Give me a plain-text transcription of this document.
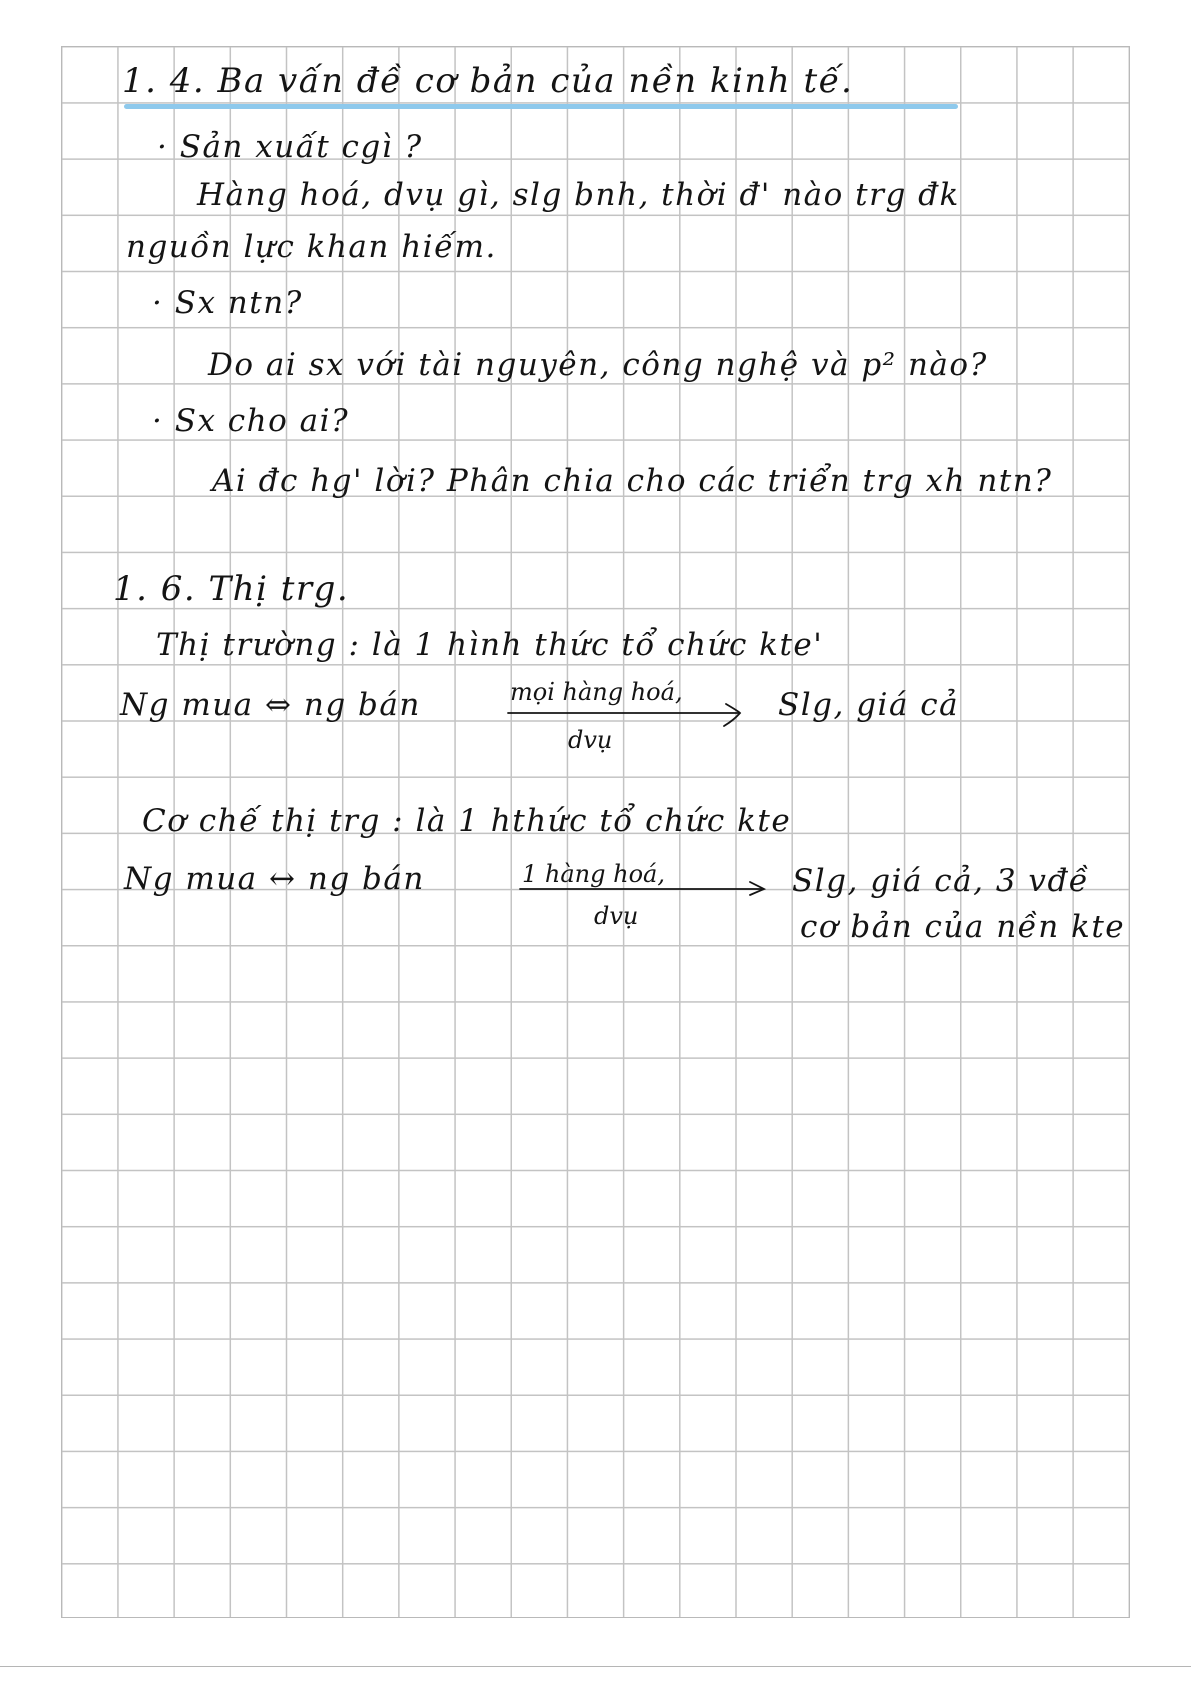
1. 4. Ba vấn đề cơ bản của nền kinh tế.
· Sản xuất cgì ?
Hàng hoá, dvụ gì, slg bnh, thời đ' nào trg đk
nguồn lực khan hiếm.
· Sx ntn?
Do ai sx với tài nguyên, công nghệ và p² nào?
· Sx cho ai?
Ai đc hg' lời? Phân chia cho các triển trg xh ntn?
1. 6. Thị trg.
Thị trường : là 1 hình thức tổ chức kte'
Ng mua ⇔ ng bán	mọi hàng hoá,
dvụ
Slg, giá cả
Cơ chế thị trg : là 1 hthức tổ chức kte
Ng mua ↔ ng bán	1 hàng hoá,
dvụ
Slg, giá cả, 3 vđề
cơ bản của nền kte
